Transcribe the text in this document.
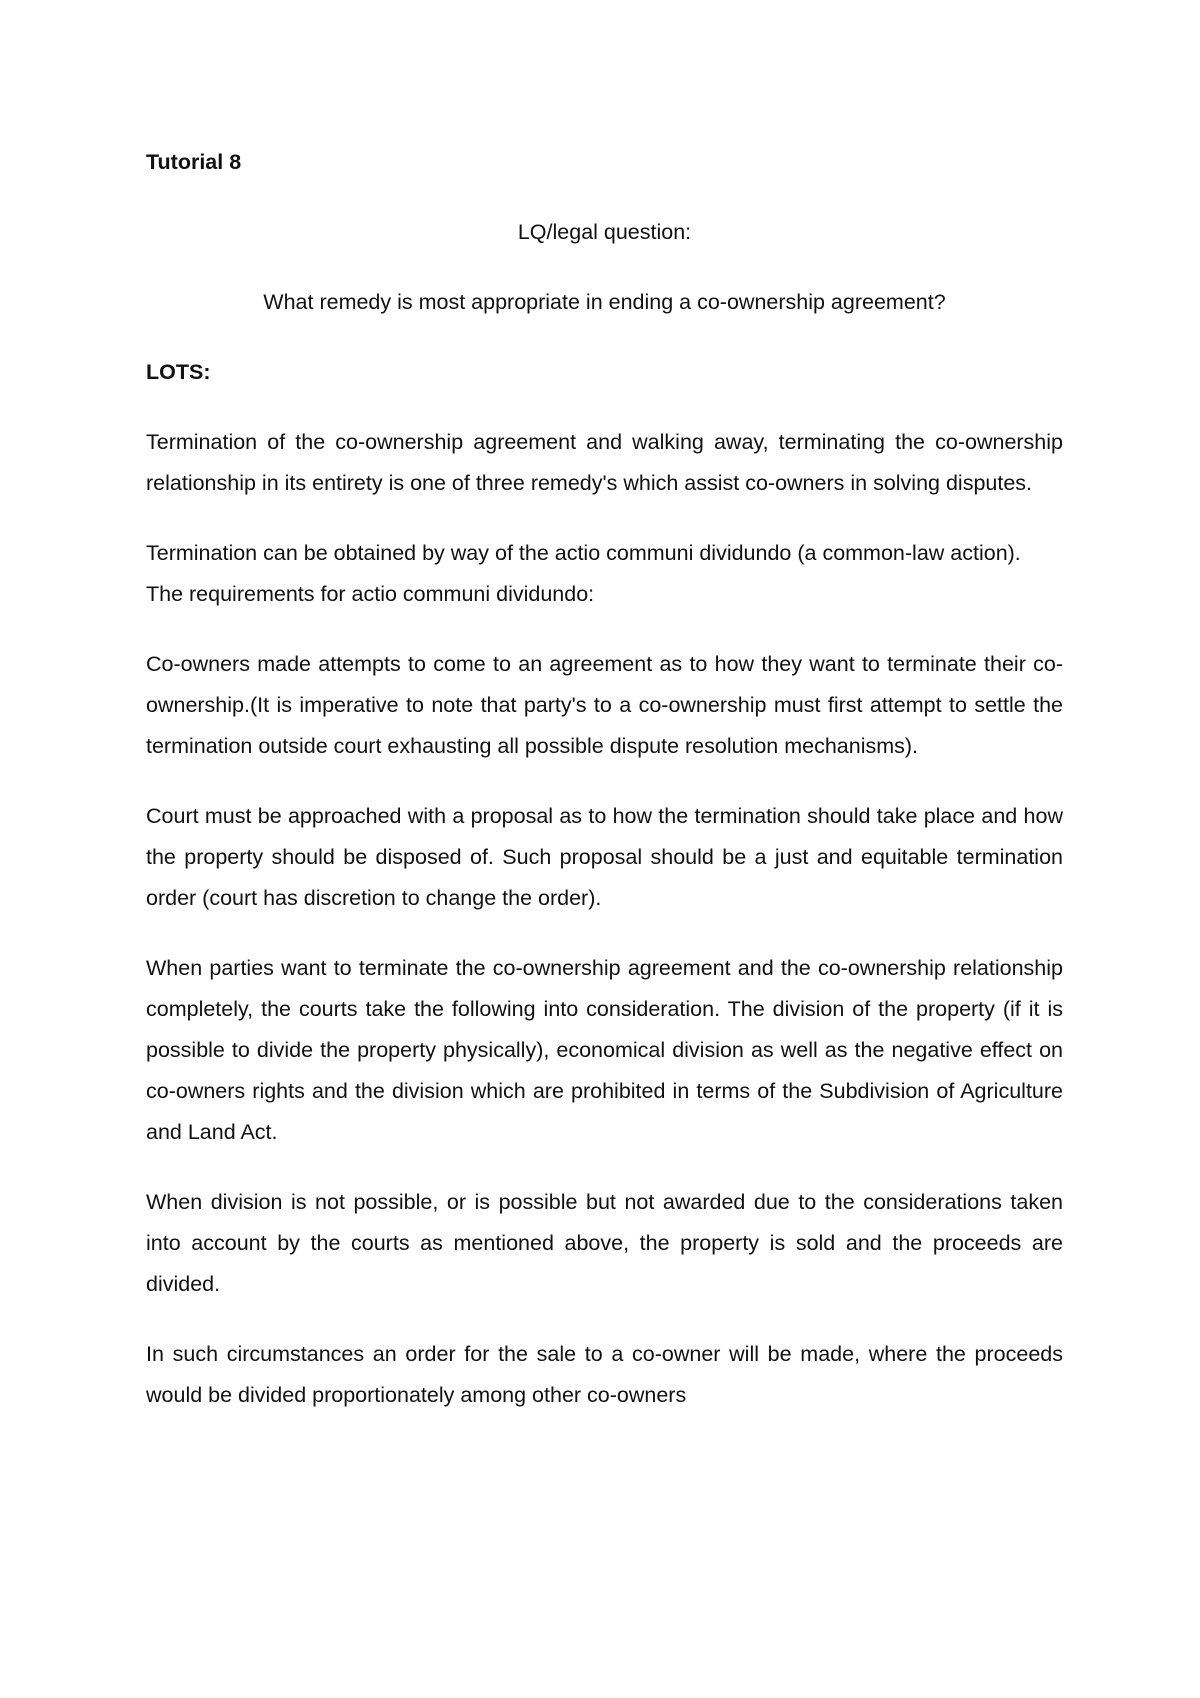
Tutorial 8

LQ/legal question:

What remedy is most appropriate in ending a co-ownership agreement?

LOTS:

Termination of the co-ownership agreement and walking away, terminating the co-ownership relationship in its entirety is one of three remedy's which assist co-owners in solving disputes.

Termination can be obtained by way of the actio communi dividundo (a common-law action). The requirements for actio communi dividundo:

Co-owners made attempts to come to an agreement as to how they want to terminate their co-ownership.(It is imperative to note that party's to a co-ownership must first attempt to settle the termination outside court exhausting all possible dispute resolution mechanisms).

Court must be approached with a proposal as to how the termination should take place and how the property should be disposed of. Such proposal should be a just and equitable termination order (court has discretion to change the order).

When parties want to terminate the co-ownership agreement and the co-ownership relationship completely, the courts take the following into consideration. The division of the property (if it is possible to divide the property physically), economical division as well as the negative effect on co-owners rights and the division which are prohibited in terms of the Subdivision of Agriculture and Land Act.

When division is not possible, or is possible but not awarded due to the considerations taken into account by the courts as mentioned above, the property is sold and the proceeds are divided.

In such circumstances an order for the sale to a co-owner will be made, where the proceeds would be divided proportionately among other co-owners
